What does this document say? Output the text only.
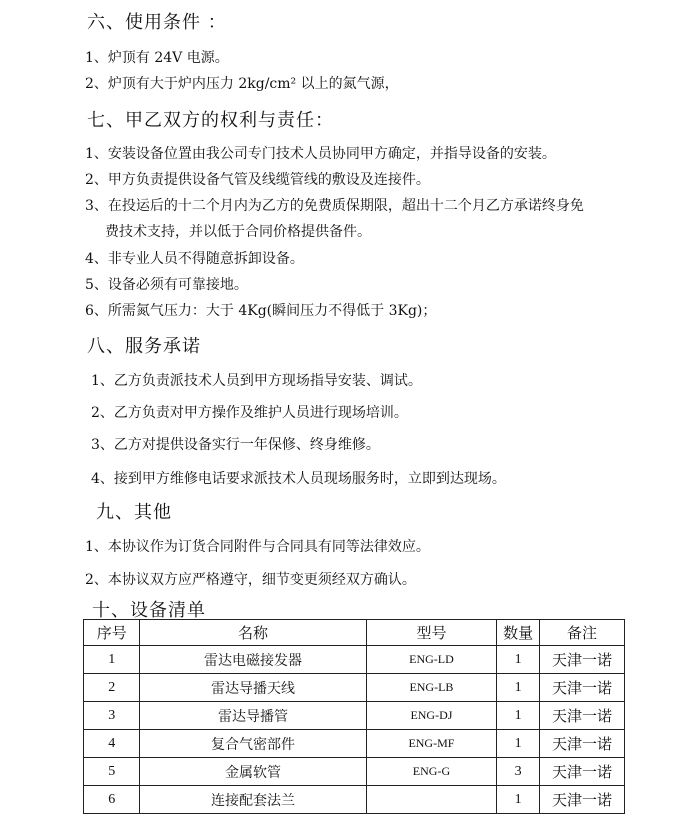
六、使用条件 ：
1、炉顶有 24V 电源。
2、炉顶有大于炉内压力 2kg/cm² 以上的氮气源，
七、甲乙双方的权利与责任：
1、安装设备位置由我公司专门技术人员协同甲方确定，并指导设备的安装。
2、甲方负责提供设备气管及线缆管线的敷设及连接件。
3、在投运后的十二个月内为乙方的免费质保期限，超出十二个月乙方承诺终身免
费技术支持，并以低于合同价格提供备件。
4、非专业人员不得随意拆卸设备。
5、设备必须有可靠接地。
6、所需氮气压力：大于 4Kg(瞬间压力不得低于 3Kg)；
八、服务承诺
1、乙方负责派技术人员到甲方现场指导安装、调试。
2、乙方负责对甲方操作及维护人员进行现场培训。
3、乙方对提供设备实行一年保修、终身维修。
4、接到甲方维修电话要求派技术人员现场服务时，立即到达现场。
九、其他
1、本协议作为订货合同附件与合同具有同等法律效应。
2、本协议双方应严格遵守，细节变更须经双方确认。
十、设备清单
序号	名称	型号	数量	备注
1	雷达电磁接发器	ENG-LD	1	天津一诺
2	雷达导播天线	ENG-LB	1	天津一诺
3	雷达导播管	ENG-DJ	1	天津一诺
4	复合气密部件	ENG-MF	1	天津一诺
5	金属软管	ENG-G	3	天津一诺
6	连接配套法兰		1	天津一诺
